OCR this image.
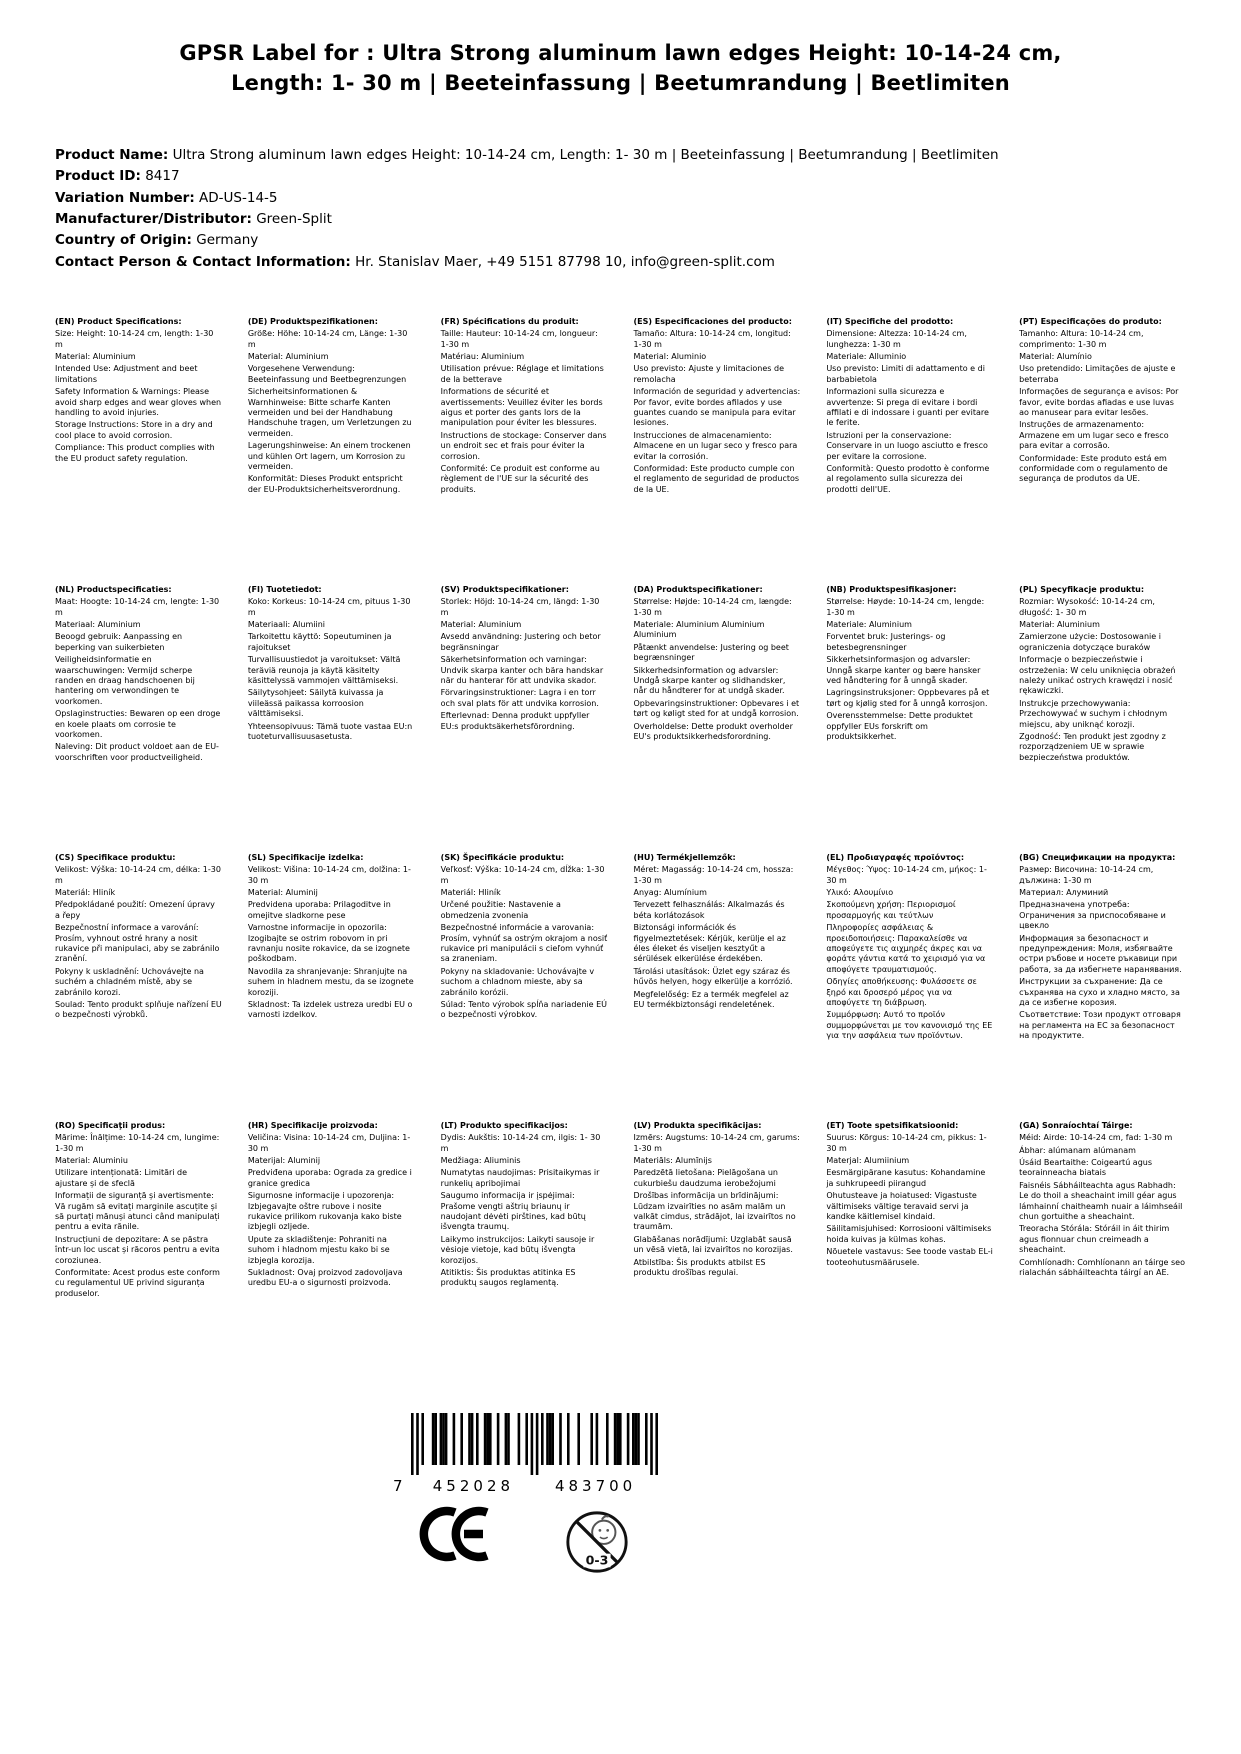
GPSR Label for : Ultra Strong aluminum lawn edges Height: 10-14-24 cm, Length: 1- 30 m | Beeteinfassung | Beetumrandung | Beetlimiten

Product Name: Ultra Strong aluminum lawn edges Height: 10-14-24 cm, Length: 1- 30 m | Beeteinfassung | Beetumrandung | Beetlimiten

Product ID: 8417

Variation Number: AD-US-14-5

Manufacturer/Distributor: Green-Split

Country of Origin: Germany

Contact Person & Contact Information: Hr. Stanislav Maer, +49 5151 87798 10, info@green-split.com

(EN) Product Specifications:

Size: Height: 10-14-24 cm, length: 1-30 m

Material: Aluminium

Intended Use: Adjustment and beet limitations

Safety Information & Warnings: Please avoid sharp edges and wear gloves when handling to avoid injuries.

Storage Instructions: Store in a dry and cool place to avoid corrosion.

Compliance: This product complies with the EU product safety regulation.

(DE) Produktspezifikationen:

Größe: Höhe: 10-14-24 cm, Länge: 1-30 m

Material: Aluminium

Vorgesehene Verwendung: Beeteinfassung und Beetbegrenzungen

Sicherheitsinformationen & Warnhinweise: Bitte scharfe Kanten vermeiden und bei der Handhabung Handschuhe tragen, um Verletzungen zu vermeiden.

Lagerungshinweise: An einem trockenen und kühlen Ort lagern, um Korrosion zu vermeiden.

Konformität: Dieses Produkt entspricht der EU-Produktsicherheitsverordnung.

(FR) Spécifications du produit:

Taille: Hauteur: 10-14-24 cm, longueur: 1-30 m

Matériau: Aluminium

Utilisation prévue: Réglage et limitations de la betterave

Informations de sécurité et avertissements: Veuillez éviter les bords aigus et porter des gants lors de la manipulation pour éviter les blessures.

Instructions de stockage: Conserver dans un endroit sec et frais pour éviter la corrosion.

Conformité: Ce produit est conforme au règlement de l'UE sur la sécurité des produits.

(ES) Especificaciones del producto:

Tamaño: Altura: 10-14-24 cm, longitud: 1-30 m

Material: Aluminio

Uso previsto: Ajuste y limitaciones de remolacha

Información de seguridad y advertencias: Por favor, evite bordes afilados y use guantes cuando se manipula para evitar lesiones.

Instrucciones de almacenamiento: Almacene en un lugar seco y fresco para evitar la corrosión.

Conformidad: Este producto cumple con el reglamento de seguridad de productos de la UE.

(IT) Specifiche del prodotto:

Dimensione: Altezza: 10-14-24 cm, lunghezza: 1-30 m

Materiale: Alluminio

Uso previsto: Limiti di adattamento e di barbabietola

Informazioni sulla sicurezza e avvertenze: Si prega di evitare i bordi affilati e di indossare i guanti per evitare le ferite.

Istruzioni per la conservazione: Conservare in un luogo asciutto e fresco per evitare la corrosione.

Conformità: Questo prodotto è conforme al regolamento sulla sicurezza dei prodotti dell'UE.

(PT) Especificações do produto:

Tamanho: Altura: 10-14-24 cm, comprimento: 1-30 m

Material: Alumínio

Uso pretendido: Limitações de ajuste e beterraba

Informações de segurança e avisos: Por favor, evite bordas afiadas e use luvas ao manusear para evitar lesões.

Instruções de armazenamento: Armazene em um lugar seco e fresco para evitar a corrosão.

Conformidade: Este produto está em conformidade com o regulamento de segurança de produtos da UE.

(NL) Productspecificaties:

Maat: Hoogte: 10-14-24 cm, lengte: 1-30 m

Materiaal: Aluminium

Beoogd gebruik: Aanpassing en beperking van suikerbieten

Veiligheidsinformatie en waarschuwingen: Vermijd scherpe randen en draag handschoenen bij hantering om verwondingen te voorkomen.

Opslaginstructies: Bewaren op een droge en koele plaats om corrosie te voorkomen.

Naleving: Dit product voldoet aan de EU-voorschriften voor productveiligheid.

(FI) Tuotetiedot:

Koko: Korkeus: 10-14-24 cm, pituus 1-30 m

Materiaali: Alumiini

Tarkoitettu käyttö: Sopeutuminen ja rajoitukset

Turvallisuustiedot ja varoitukset: Vältä teräviä reunoja ja käytä käsitelty käsittelyssä vammojen välttämiseksi.

Säilytysohjeet: Säilytä kuivassa ja viileässä paikassa korroosion välttämiseksi.

Yhteensopivuus: Tämä tuote vastaa EU:n tuoteturvallisuusasetusta.

(SV) Produktspecifikationer:

Storlek: Höjd: 10-14-24 cm, längd: 1-30 m

Material: Aluminium

Avsedd användning: Justering och betor begränsningar

Säkerhetsinformation och varningar: Undvik skarpa kanter och bära handskar när du hanterar för att undvika skador.

Förvaringsinstruktioner: Lagra i en torr och sval plats för att undvika korrosion.

Efterlevnad: Denna produkt uppfyller EU:s produktsäkerhetsförordning.

(DA) Produktspecifikationer:

Størrelse: Højde: 10-14-24 cm, længde: 1-30 m

Materiale: Aluminium Aluminium Aluminium

Påtænkt anvendelse: Justering og beet begrænsninger

Sikkerhedsinformation og advarsler: Undgå skarpe kanter og slidhandsker, når du håndterer for at undgå skader.

Opbevaringsinstruktioner: Opbevares i et tørt og køligt sted for at undgå korrosion.

Overholdelse: Dette produkt overholder EU's produktsikkerhedsforordning.

(NB) Produktspesifikasjoner:

Størrelse: Høyde: 10-14-24 cm, lengde: 1-30 m

Materiale: Aluminium

Forventet bruk: Justerings- og betesbegrensninger

Sikkerhetsinformasjon og advarsler: Unngå skarpe kanter og bære hansker ved håndtering for å unngå skader.

Lagringsinstruksjoner: Oppbevares på et tørt og kjølig sted for å unngå korrosjon.

Overensstemmelse: Dette produktet oppfyller EUs forskrift om produktsikkerhet.

(PL) Specyfikacje produktu:

Rozmiar: Wysokość: 10-14-24 cm, długość: 1- 30 m

Materiał: Aluminium

Zamierzone użycie: Dostosowanie i ograniczenia dotyczące buraków

Informacje o bezpieczeństwie i ostrzeżenia: W celu uniknięcia obrażeń należy unikać ostrych krawędzi i nosić rękawiczki.

Instrukcje przechowywania: Przechowywać w suchym i chłodnym miejscu, aby uniknąć korozji.

Zgodność: Ten produkt jest zgodny z rozporządzeniem UE w sprawie bezpieczeństwa produktów.

(CS) Specifikace produktu:

Velikost: Výška: 10-14-24 cm, délka: 1-30 m

Materiál: Hliník

Předpokládané použití: Omezení úpravy a řepy

Bezpečnostní informace a varování: Prosím, vyhnout ostré hrany a nosit rukavice při manipulaci, aby se zabránilo zranění.

Pokyny k uskladnění: Uchovávejte na suchém a chladném místě, aby se zabránilo korozi.

Soulad: Tento produkt splňuje nařízení EU o bezpečnosti výrobků.

(SL) Specifikacije izdelka:

Velikost: Višina: 10-14-24 cm, dolžina: 1-30 m

Material: Aluminij

Predvidena uporaba: Prilagoditve in omejitve sladkorne pese

Varnostne informacije in opozorila: Izogibajte se ostrim robovom in pri ravnanju nosite rokavice, da se izognete poškodbam.

Navodila za shranjevanje: Shranjujte na suhem in hladnem mestu, da se izognete koroziji.

Skladnost: Ta izdelek ustreza uredbi EU o varnosti izdelkov.

(SK) Špecifikácie produktu:

Veľkosť: Výška: 10-14-24 cm, dĺžka: 1-30 m

Materiál: Hliník

Určené použitie: Nastavenie a obmedzenia zvonenia

Bezpečnostné informácie a varovania: Prosím, vyhnúť sa ostrým okrajom a nosiť rukavice pri manipulácii s cieľom vyhnúť sa zraneniam.

Pokyny na skladovanie: Uchovávajte v suchom a chladnom mieste, aby sa zabránilo korózii.

Súlad: Tento výrobok spĺňa nariadenie EÚ o bezpečnosti výrobkov.

(HU) Termékjellemzők:

Méret: Magasság: 10-14-24 cm, hossza: 1-30 m

Anyag: Alumínium

Tervezett felhasználás: Alkalmazás és béta korlátozások

Biztonsági információk és figyelmeztetések: Kérjük, kerülje el az éles éleket és viseljen kesztyűt a sérülések elkerülése érdekében.

Tárolási utasítások: Üzlet egy száraz és hűvös helyen, hogy elkerülje a korrózió.

Megfelelőség: Ez a termék megfelel az EU termékbiztonsági rendeletének.

(EL) Προδιαγραφές προϊόντος:

Μέγεθος: Ύψος: 10-14-24 cm, μήκος: 1-30 m

Υλικό: Αλουμίνιο

Σκοπούμενη χρήση: Περιορισμοί προσαρμογής και τεύτλων

Πληροφορίες ασφάλειας & προειδοποιήσεις: Παρακαλείσθε να αποφεύγετε τις αιχμηρές άκρες και να φοράτε γάντια κατά το χειρισμό για να αποφύγετε τραυματισμούς.

Οδηγίες αποθήκευσης: Φυλάσσετε σε ξηρό και δροσερό μέρος για να αποφύγετε τη διάβρωση.

Συμμόρφωση: Αυτό το προϊόν συμμορφώνεται με τον κανονισμό της ΕΕ για την ασφάλεια των προϊόντων.

(BG) Спецификации на продукта:

Размер: Височина: 10-14-24 cm, дължина: 1-30 m

Материал: Алуминий

Предназначена употреба: Ограничения за приспособяване и цвекло

Информация за безопасност и предупреждения: Моля, избягвайте остри ръбове и носете ръкавици при работа, за да избегнете наранявания.

Инструкции за съхранение: Да се съхранява на сухо и хладно място, за да се избегне корозия.

Съответствие: Този продукт отговаря на регламента на ЕС за безопасност на продуктите.

(RO) Specificaţii produs:

Mărime: Înălțime: 10-14-24 cm, lungime: 1-30 m

Material: Aluminiu

Utilizare intenționată: Limitări de ajustare și de sfeclă

Informații de siguranță și avertismente: Vă rugăm să evitați marginile ascuțite și să purtați mănuși atunci când manipulați pentru a evita rănile.

Instrucțiuni de depozitare: A se păstra într-un loc uscat și răcoros pentru a evita coroziunea.

Conformitate: Acest produs este conform cu regulamentul UE privind siguranța produselor.

(HR) Specifikacije proizvoda:

Veličina: Visina: 10-14-24 cm, Duljina: 1-30 m

Materijal: Aluminij

Predviđena uporaba: Ograda za gredice i granice gredica

Sigurnosne informacije i upozorenja: Izbjegavajte oštre rubove i nosite rukavice prilikom rukovanja kako biste izbjegli ozljede.

Upute za skladištenje: Pohraniti na suhom i hladnom mjestu kako bi se izbjegla korozija.

Sukladnost: Ovaj proizvod zadovoljava uredbu EU-a o sigurnosti proizvoda.

(LT) Produkto specifikacijos:

Dydis: Aukštis: 10-14-24 cm, ilgis: 1- 30 m

Medžiaga: Aliuminis

Numatytas naudojimas: Prisitaikymas ir runkelių apribojimai

Saugumo informacija ir įspėjimai: Prašome vengti aštrių briaunų ir naudojant dėvėti pirštines, kad būtų išvengta traumų.

Laikymo instrukcijos: Laikyti sausoje ir vėsioje vietoje, kad būtų išvengta korozijos.

Atitiktis: Šis produktas atitinka ES produktų saugos reglamentą.

(LV) Produkta specifikācijas:

Izmērs: Augstums: 10-14-24 cm, garums: 1-30 m

Materiāls: Alumīnijs

Paredzētā lietošana: Pielāgošana un cukurbiešu daudzuma ierobežojumi

Drošības informācija un brīdinājumi: Lūdzam izvairīties no asām malām un valkāt cimdus, strādājot, lai izvairītos no traumām.

Glabāšanas norādījumi: Uzglabāt sausā un vēsā vietā, lai izvairītos no korozijas.

Atbilstība: Šis produkts atbilst ES produktu drošības regulai.

(ET) Toote spetsifikatsioonid:

Suurus: Kõrgus: 10-14-24 cm, pikkus: 1-30 m

Materjal: Alumiinium

Eesmärgipärane kasutus: Kohandamine ja suhkrupeedi piirangud

Ohutusteave ja hoiatused: Vigastuste vältimiseks vältige teravaid servi ja kandke käitlemisel kindaid.

Säilitamisjuhised: Korrosiooni vältimiseks hoida kuivas ja külmas kohas.

Nõuetele vastavus: See toode vastab EL-i tooteohutusmäärusele.

(GA) Sonraíochtaí Táirge:

Méid: Airde: 10-14-24 cm, fad: 1-30 m

Ábhar: alúmanam alúmanam

Úsáid Beartaithe: Coigeartú agus teorainneacha biatais

Faisnéis Sábháilteachta agus Rabhadh: Le do thoil a sheachaint imill géar agus lámhainní chaitheamh nuair a láimhseáil chun gortuithe a sheachaint.

Treoracha Stórála: Stóráil in áit thirim agus fionnuar chun creimeadh a sheachaint.

Comhlíonadh: Comhlíonann an táirge seo rialachán sábháilteachta táirgí an AE.

7 452028	483700
0-3
